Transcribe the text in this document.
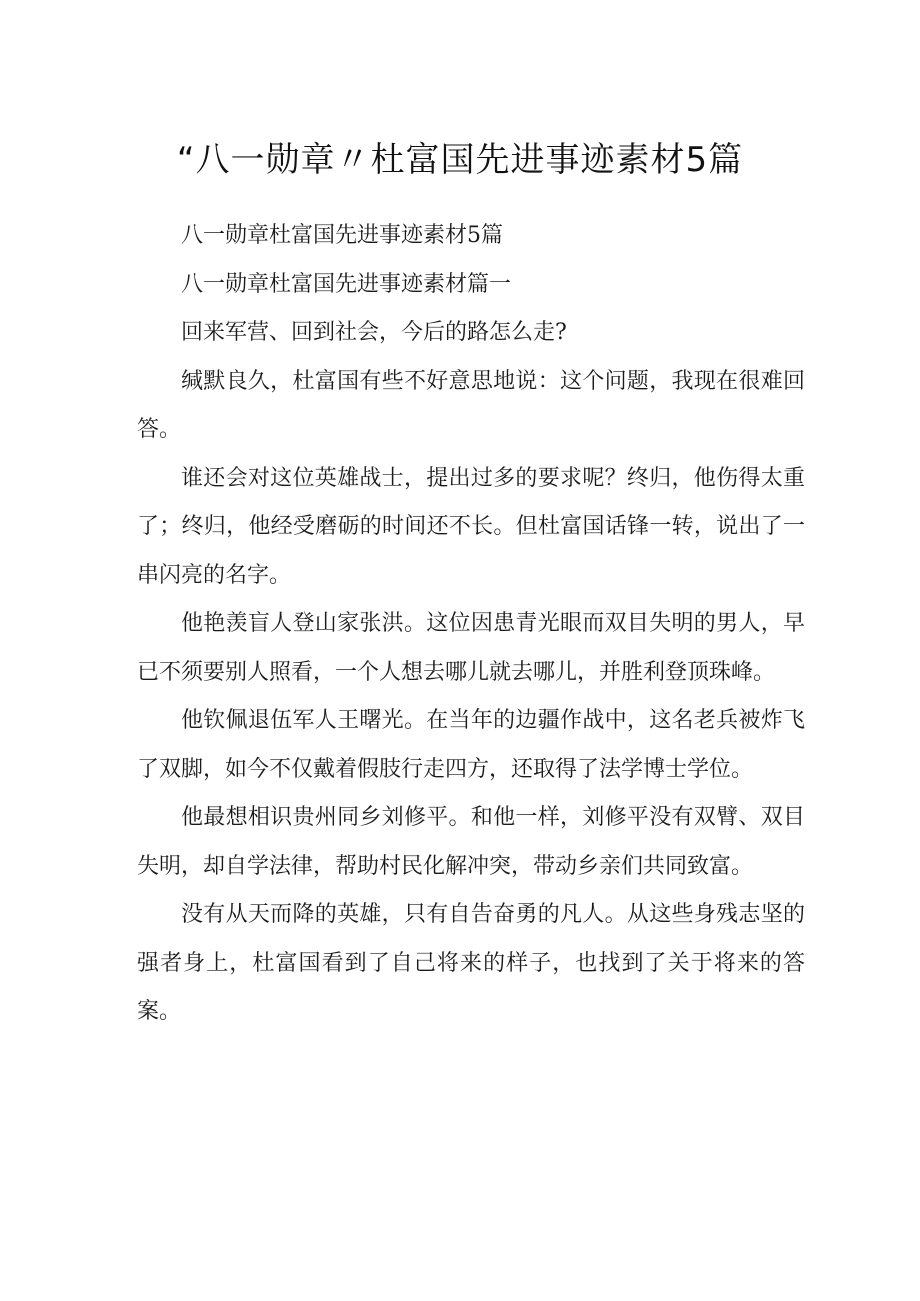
“八一勋章〃杜富国先进事迹素材5篇

八一勋章杜富国先进事迹素材5篇

八一勋章杜富国先进事迹素材篇一

回来军营、回到社会，今后的路怎么走?

缄默良久，杜富国有些不好意思地说：这个问题，我现在很难回答。

谁还会对这位英雄战士，提出过多的要求呢？终归，他伤得太重了；终归，他经受磨砺的时间还不长。但杜富国话锋一转，说出了一串闪亮的名字。

他艳羡盲人登山家张洪。这位因患青光眼而双目失明的男人，早已不须要别人照看，一个人想去哪儿就去哪儿，并胜利登顶珠峰。

他钦佩退伍军人王曙光。在当年的边疆作战中，这名老兵被炸飞了双脚，如今不仅戴着假肢行走四方，还取得了法学博士学位。

他最想相识贵州同乡刘修平。和他一样，刘修平没有双臂、双目失明，却自学法律，帮助村民化解冲突，带动乡亲们共同致富。

没有从天而降的英雄，只有自告奋勇的凡人。从这些身残志坚的强者身上，杜富国看到了自己将来的样子，也找到了关于将来的答案。
